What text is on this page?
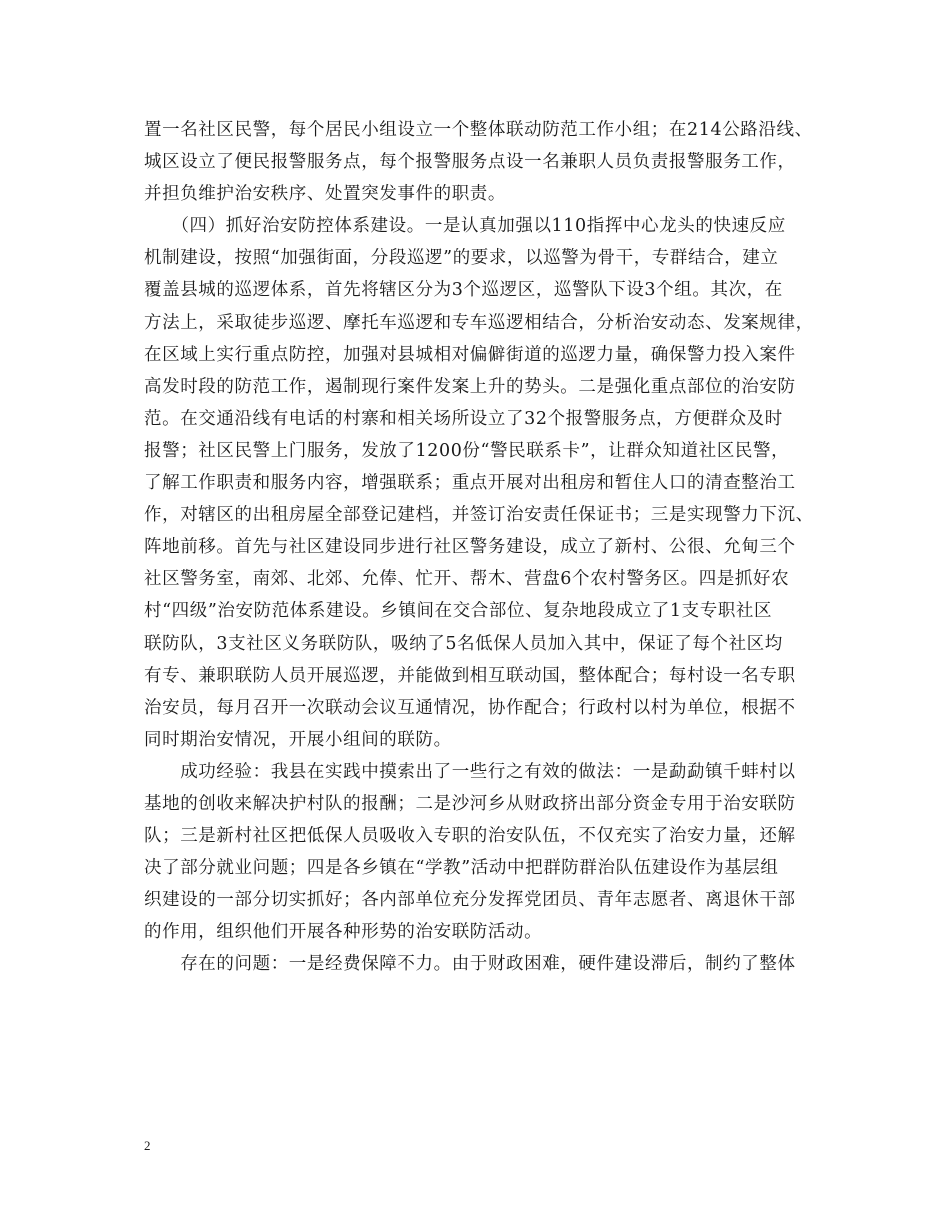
置一名社区民警，每个居民小组设立一个整体联动防范工作小组；在214公路沿线、
城区设立了便民报警服务点，每个报警服务点设一名兼职人员负责报警服务工作，
并担负维护治安秩序、处置突发事件的职责。
　　（四）抓好治安防控体系建设。一是认真加强以110指挥中心龙头的快速反应
机制建设，按照“加强街面，分段巡逻”的要求，以巡警为骨干，专群结合，建立
覆盖县城的巡逻体系，首先将辖区分为3个巡逻区，巡警队下设3个组。其次，在
方法上，采取徒步巡逻、摩托车巡逻和专车巡逻相结合，分析治安动态、发案规律，
在区域上实行重点防控，加强对县城相对偏僻街道的巡逻力量，确保警力投入案件
高发时段的防范工作，遏制现行案件发案上升的势头。二是强化重点部位的治安防
范。在交通沿线有电话的村寨和相关场所设立了32个报警服务点，方便群众及时
报警；社区民警上门服务，发放了1200份“警民联系卡”，让群众知道社区民警，
了解工作职责和服务内容，增强联系；重点开展对出租房和暂住人口的清查整治工
作，对辖区的出租房屋全部登记建档，并签订治安责任保证书；三是实现警力下沉、
阵地前移。首先与社区建设同步进行社区警务建设，成立了新村、公很、允甸三个
社区警务室，南郊、北郊、允俸、忙开、帮木、营盘6个农村警务区。四是抓好农
村“四级”治安防范体系建设。乡镇间在交合部位、复杂地段成立了1支专职社区
联防队，3支社区义务联防队，吸纳了5名低保人员加入其中，保证了每个社区均
有专、兼职联防人员开展巡逻，并能做到相互联动国，整体配合；每村设一名专职
治安员，每月召开一次联动会议互通情况，协作配合；行政村以村为单位，根据不
同时期治安情况，开展小组间的联防。
　　成功经验：我县在实践中摸索出了一些行之有效的做法：一是勐勐镇千蚌村以
基地的创收来解决护村队的报酬；二是沙河乡从财政挤出部分资金专用于治安联防
队；三是新村社区把低保人员吸收入专职的治安队伍，不仅充实了治安力量，还解
决了部分就业问题；四是各乡镇在“学教”活动中把群防群治队伍建设作为基层组
织建设的一部分切实抓好；各内部单位充分发挥党团员、青年志愿者、离退休干部
的作用，组织他们开展各种形势的治安联防活动。
　　存在的问题：一是经费保障不力。由于财政困难，硬件建设滞后，制约了整体
2
